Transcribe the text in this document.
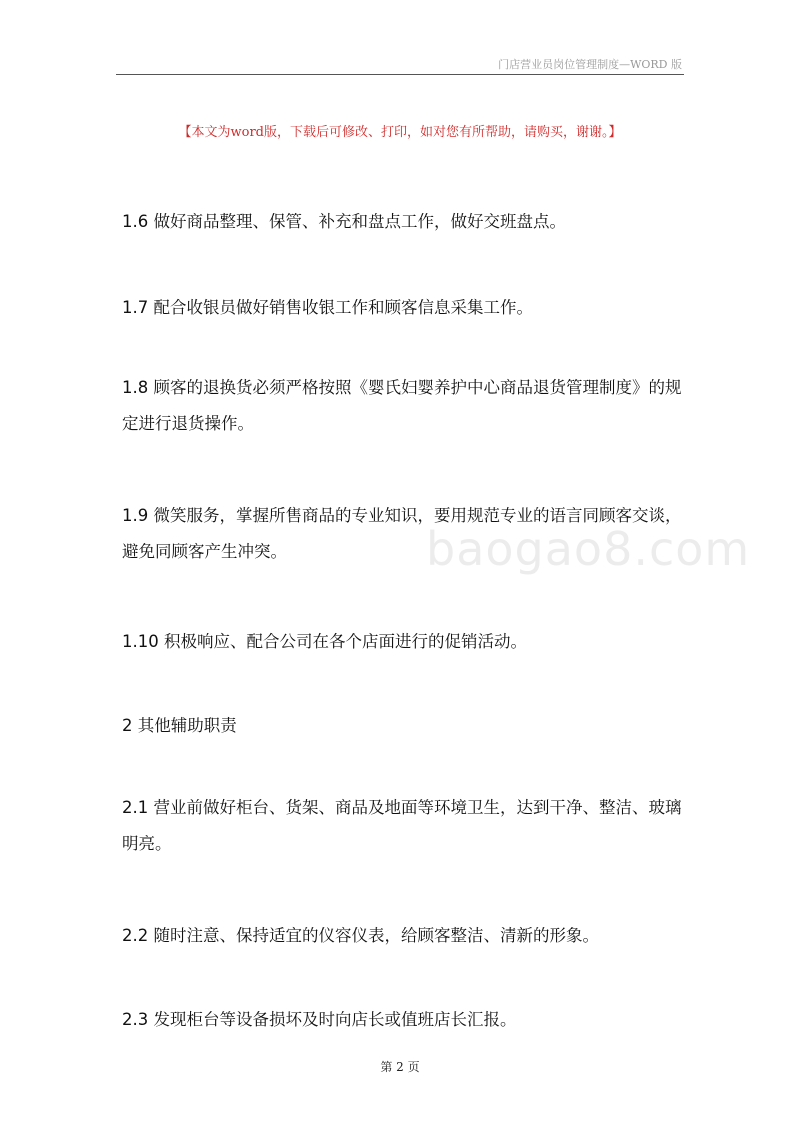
门店营业员岗位管理制度—WORD 版
【本文为word版，下载后可修改、打印，如对您有所帮助，请购买，谢谢。】

1.6 做好商品整理、保管、补充和盘点工作，做好交班盘点。

1.7 配合收银员做好销售收银工作和顾客信息采集工作。

1.8 顾客的退换货必须严格按照《婴氏妇婴养护中心商品退货管理制度》的规定进行退货操作。

1.9 微笑服务，掌握所售商品的专业知识，要用规范专业的语言同顾客交谈，避免同顾客产生冲突。

1.10 积极响应、配合公司在各个店面进行的促销活动。

2 其他辅助职责

2.1 营业前做好柜台、货架、商品及地面等环境卫生，达到干净、整洁、玻璃明亮。

2.2 随时注意、保持适宜的仪容仪表，给顾客整洁、清新的形象。

2.3 发现柜台等设备损坏及时向店长或值班店长汇报。

baogao8.com
第 2 页
